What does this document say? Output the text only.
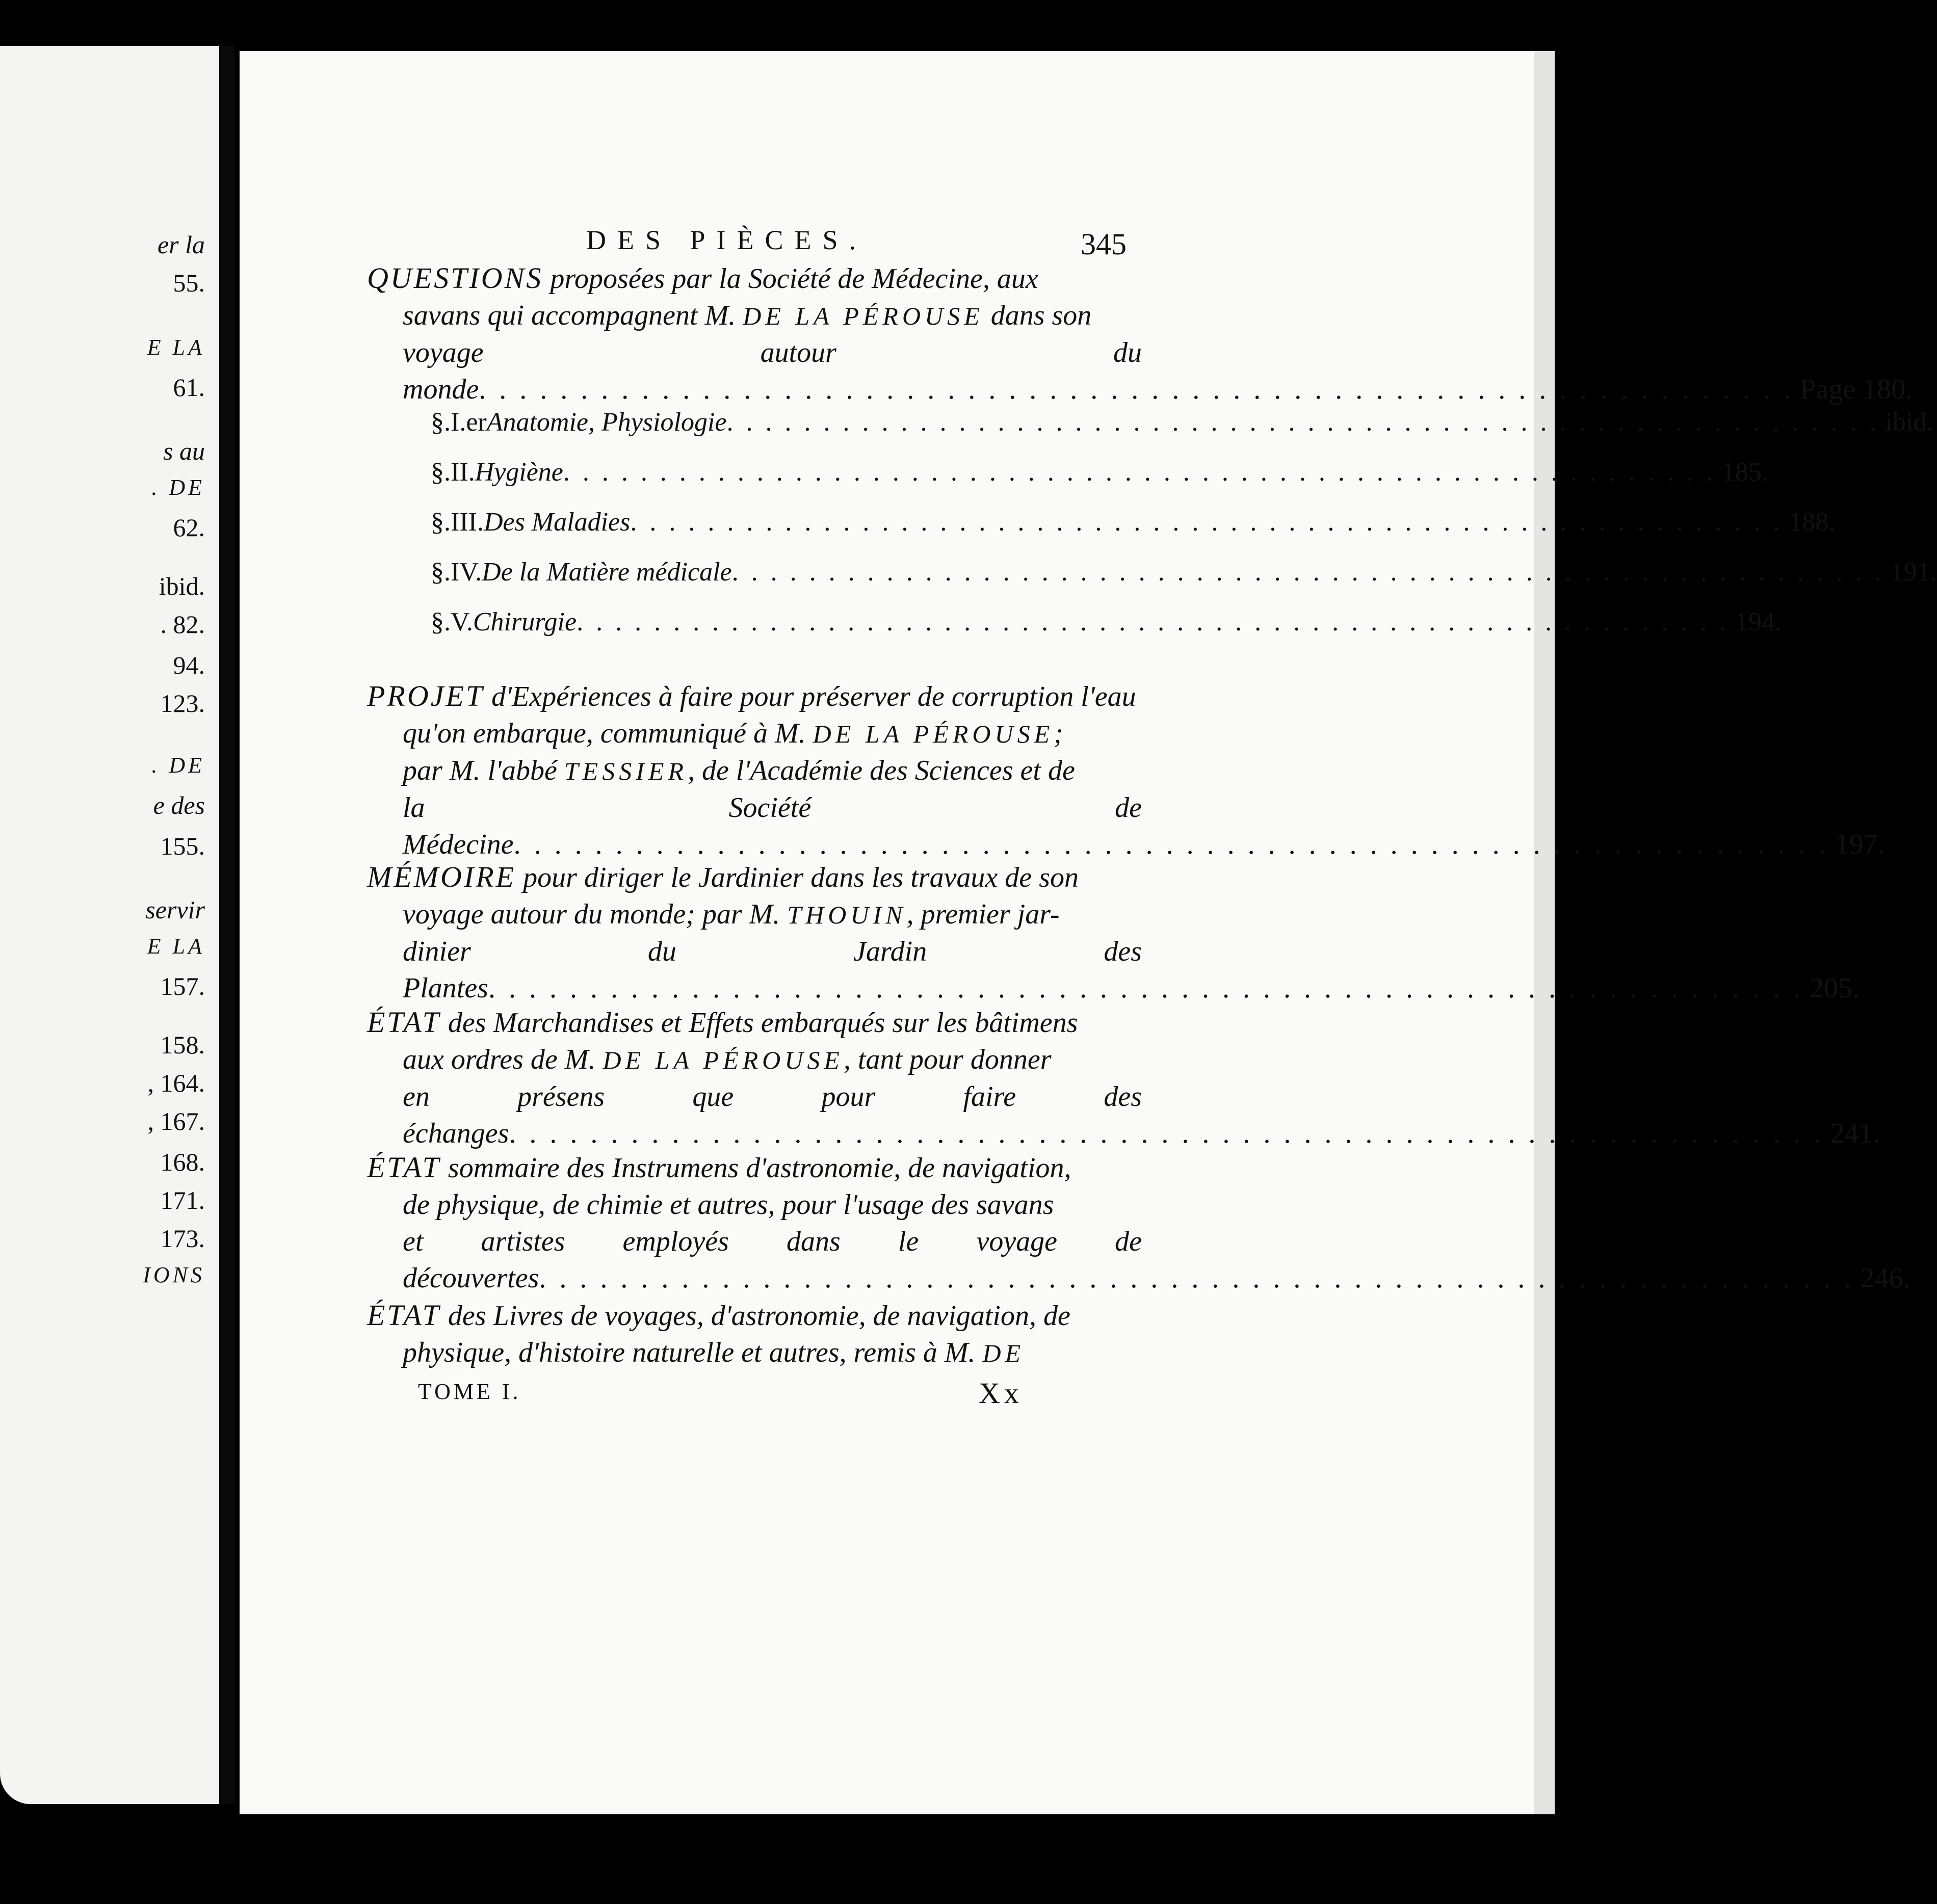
er la
55.
E LA
61.
s au
. DE
62.
ibid.
. 82.
94.
123.
. DE
e des
155.
servir
E LA
157.
158.
, 164.
, 167.
168.
171.
173.
IONS
DES PIÈCES.	345
QUESTIONS proposées par la Société de Médecine, aux
savans qui accompagnent M. DE LA PÉROUSE dans son
voyage autour du monde . . .	Page 180.
§. I.er Anatomie, Physiologie . . .	ibid.
§. II. Hygiène . . .	185.
§. III. Des Maladies . . .	188.
§. IV. De la Matière médicale . . .	191.
§. V. Chirurgie . . .	194.
PROJET d'Expériences à faire pour préserver de corruption l'eau
qu'on embarque, communiqué à M. DE LA PÉROUSE;
par M. l'abbé TESSIER, de l'Académie des Sciences et de
la Société de Médecine . . .	197.
MÉMOIRE pour diriger le Jardinier dans les travaux de son
voyage autour du monde; par M. THOUIN, premier jar-
dinier du Jardin des Plantes . . .	205.
ÉTAT des Marchandises et Effets embarqués sur les bâtimens
aux ordres de M. DE LA PÉROUSE, tant pour donner
en présens que pour faire des échanges . . .	241.
ÉTAT sommaire des Instrumens d'astronomie, de navigation,
de physique, de chimie et autres, pour l'usage des savans
et artistes employés dans le voyage de découvertes . . .	246.
ÉTAT des Livres de voyages, d'astronomie, de navigation, de
physique, d'histoire naturelle et autres, remis à M. DE
TOME I.	Xx
